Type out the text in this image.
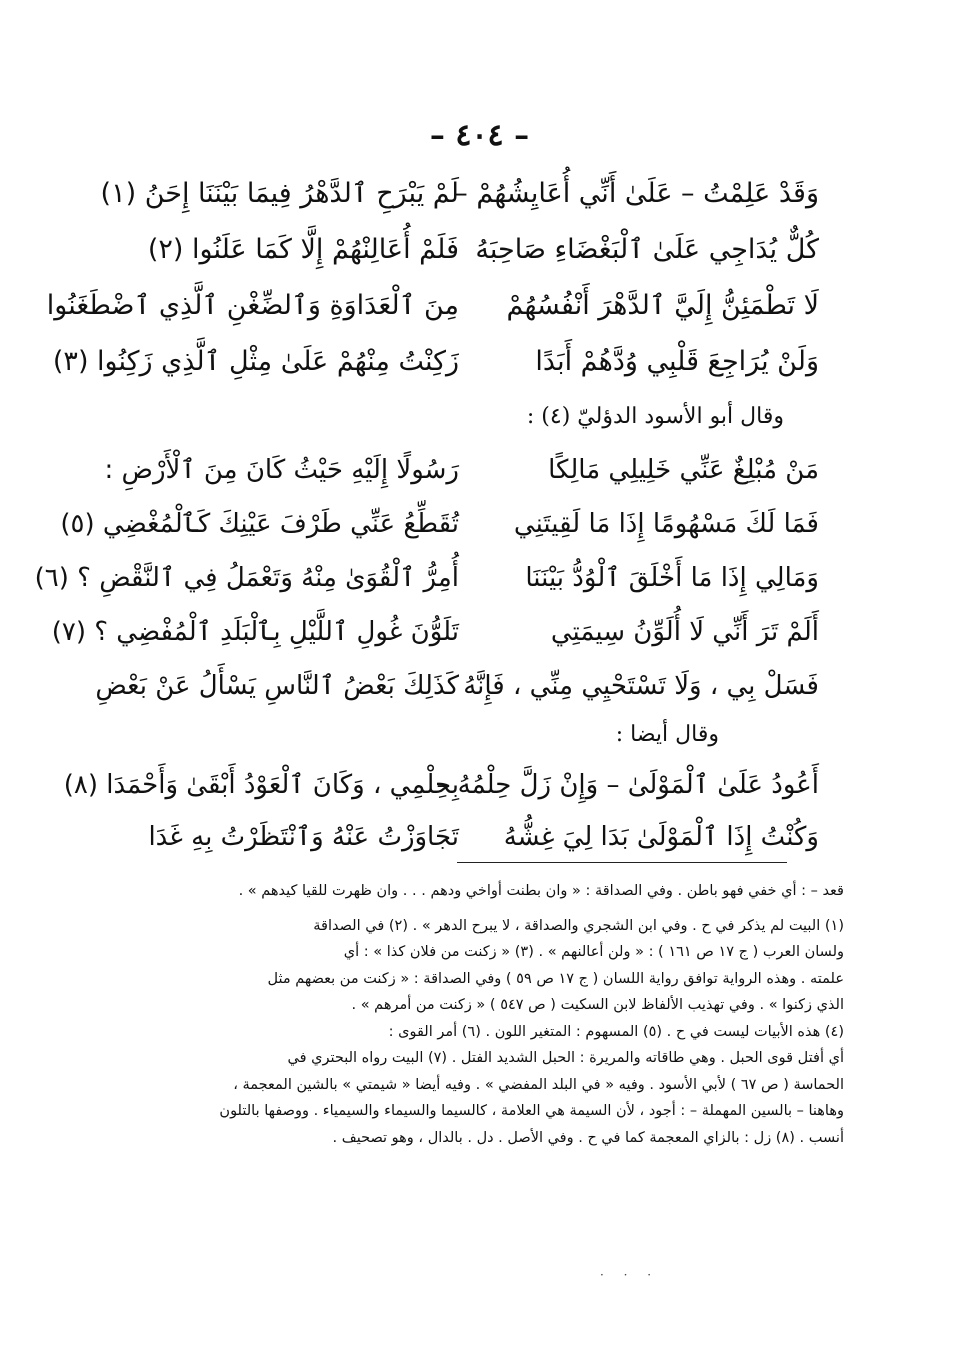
– ٤٠٤ –
وَقَدْ عَلِمْتُ – عَلَىٰ أَنِّي أُعَايِشُهُمْ –
لَمْ يَبْرَحِ ٱلدَّهْرُ فِيمَا بَيْنَنَا إِحَنُ (١)
كُلٌّ يُدَاجِي عَلَىٰ ٱلْبَغْضَاءِ صَاحِبَهُ
فَلَمْ أُعَالِنْهُمْ إِلَّا كَمَا عَلَنُوا (٢)
لَا تَطْمَئِنُّ إِلَيَّ ٱلدَّهْرَ أَنْفُسُهُمْ
مِنَ ٱلْعَدَاوَةِ وَٱلضِّغْنِ ٱلَّذِي ٱضْطَغَنُوا
وَلَنْ يُرَاجِعَ قَلْبِي وُدَّهُمْ أَبَدًا
زَكِنْتُ مِنْهُمْ عَلَىٰ مِثْلِ ٱلَّذِي زَكِنُوا (٣)
وقال أبو الأسود الدؤليّ (٤) :
مَنْ مُبْلِغٌ عَنِّي خَلِيلِي مَالِكًا
رَسُولًا إِلَيْهِ حَيْثُ كَانَ مِنَ ٱلْأَرْضِ :
فَمَا لَكَ مَسْهُومًا إِذَا مَا لَقِيتَنِي
تُقَطِّعُ عَنِّي طَرْفَ عَيْنِكَ كَٱلْمُغْضِي (٥)
وَمَالِي إِذَا مَا أَخْلَقَ ٱلْوُدُّ بَيْنَنَا
أُمِرُّ ٱلْقُوَىٰ مِنْهُ وَتَعْمَلُ فِي ٱلنَّقْضِ ؟ (٦)
أَلَمْ تَرَ أَنِّي لَا أُلَوِّنُ سِيمَتِي
تَلَوُّنَ غُولِ ٱللَّيْلِ بِٱلْبَلَدِ ٱلْمُفْضِي ؟ (٧)
فَسَلْ بِي ، وَلَا تَسْتَحْيِي مِنِّي ، فَإِنَّهُ
كَذَلِكَ بَعْضُ ٱلنَّاسِ يَسْأَلُ عَنْ بَعْضِ
وقال أيضا :
أَعُودُ عَلَىٰ ٱلْمَوْلَىٰ – وَإِنْ زَلَّ حِلْمُهُ –
بِحِلْمِي ، وَكَانَ ٱلْعَوْدُ أَبْقَىٰ وَأَحْمَدَا (٨)
وَكُنْتُ إِذَا ٱلْمَوْلَىٰ بَدَا لِيَ غِشُّهُ
تَجَاوَزْتُ عَنْهُ وَٱنْتَظَرْتُ بِهِ غَدَا

قعد – : أي خفي فهو باطن . وفي الصداقة : « وان بطنت أواخي ودهم . . . وان ظهرت للقيا كيدهم » .

(١) البيت لم يذكر في ح . وفي ابن الشجري والصداقة ، لا يبرح الدهر » . (٢) في الصداقة

ولسان العرب ( ج ١٧ ص ١٦١ ) : « ولن أعالنهم » . (٣) « زكنت من فلان كذا » : أي

علمته . وهذه الرواية توافق رواية اللسان ( ج ١٧ ص ٥٩ ) وفي الصداقة : « زكنت من بعضهم مثل

الذي زكنوا » . وفي تهذيب الألفاظ لابن السكيت ( ص ٥٤٧ ) « زكنت من أمرهم » .

(٤) هذه الأبيات ليست في ح . (٥) المسهوم : المتغير اللون . (٦) أمر القوى :

أي أفتل قوى الحبل . وهي طاقاته والمريرة : الحبل الشديد الفتل . (٧) البيت رواه البحتري في

الحماسة ( ص ٦٧ ) لأبي الأسود . وفيه « في البلد المفضي » . وفيه أيضا « شيمتي » بالشين المعجمة ،

وهاهنا – بالسين المهملة – : أجود ، لأن السيمة هي العلامة ، كالسيما والسيماء والسيمياء . ووصفها بالتلون

أنسب . (٨) زل : بالزاي المعجمة كما في ح . وفي الأصل . دل . بالدال ، وهو تصحيف .

· · ·
